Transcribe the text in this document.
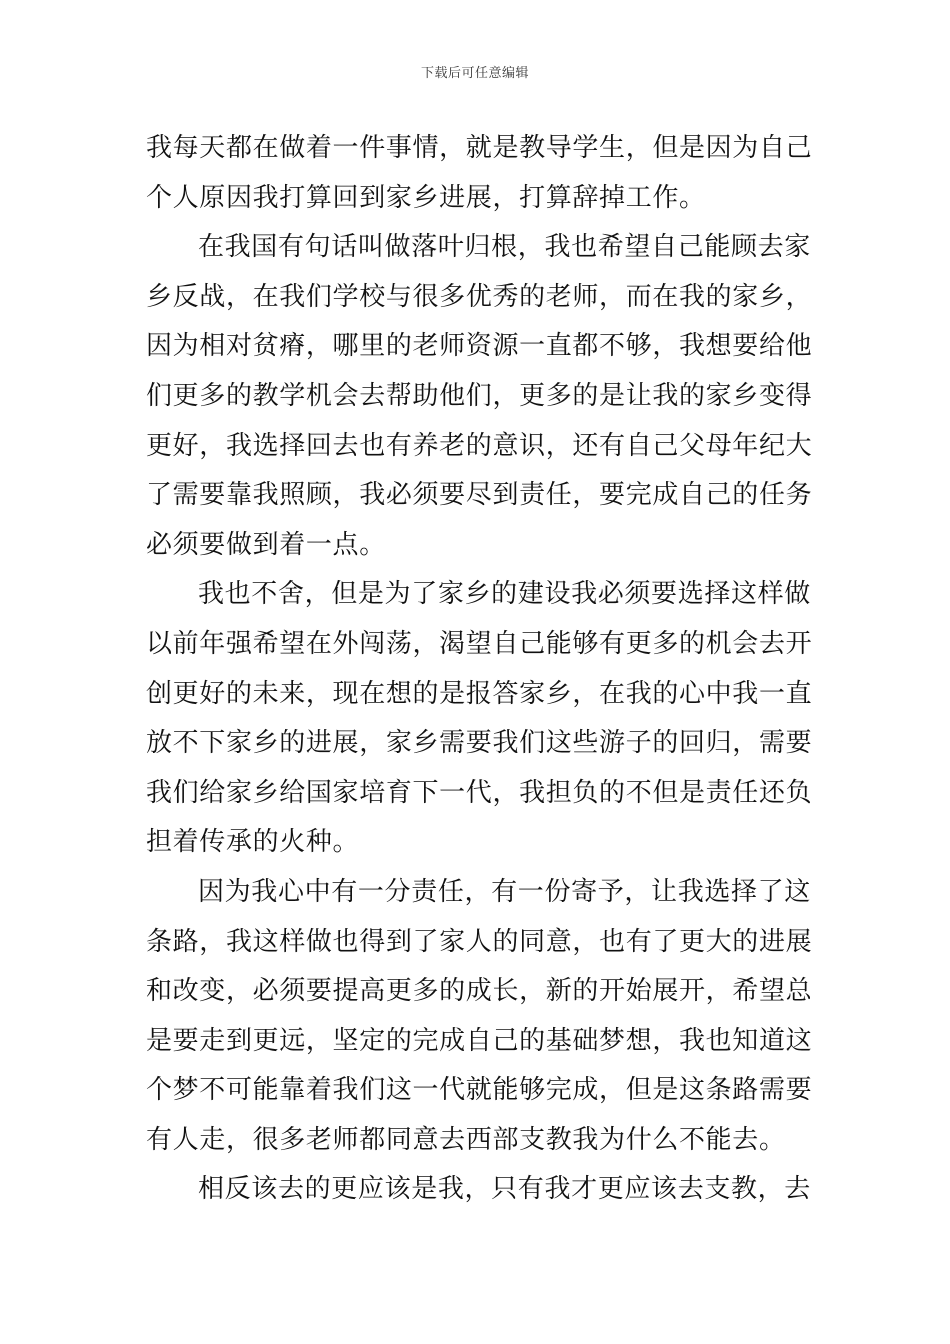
下载后可任意编辑
我每天都在做着一件事情，就是教导学生，但是因为自己
个人原因我打算回到家乡进展，打算辞掉工作。
在我国有句话叫做落叶归根，我也希望自己能顾去家
乡反战，在我们学校与很多优秀的老师，而在我的家乡，
因为相对贫瘠，哪里的老师资源一直都不够，我想要给他
们更多的教学机会去帮助他们，更多的是让我的家乡变得
更好，我选择回去也有养老的意识，还有自己父母年纪大
了需要靠我照顾，我必须要尽到责任，要完成自己的任务
必须要做到着一点。
我也不舍，但是为了家乡的建设我必须要选择这样做
以前年强希望在外闯荡，渴望自己能够有更多的机会去开
创更好的未来，现在想的是报答家乡，在我的心中我一直
放不下家乡的进展，家乡需要我们这些游子的回归，需要
我们给家乡给国家培育下一代，我担负的不但是责任还负
担着传承的火种。
因为我心中有一分责任，有一份寄予，让我选择了这
条路，我这样做也得到了家人的同意，也有了更大的进展
和改变，必须要提高更多的成长，新的开始展开，希望总
是要走到更远，坚定的完成自己的基础梦想，我也知道这
个梦不可能靠着我们这一代就能够完成，但是这条路需要
有人走，很多老师都同意去西部支教我为什么不能去。
相反该去的更应该是我，只有我才更应该去支教，去
